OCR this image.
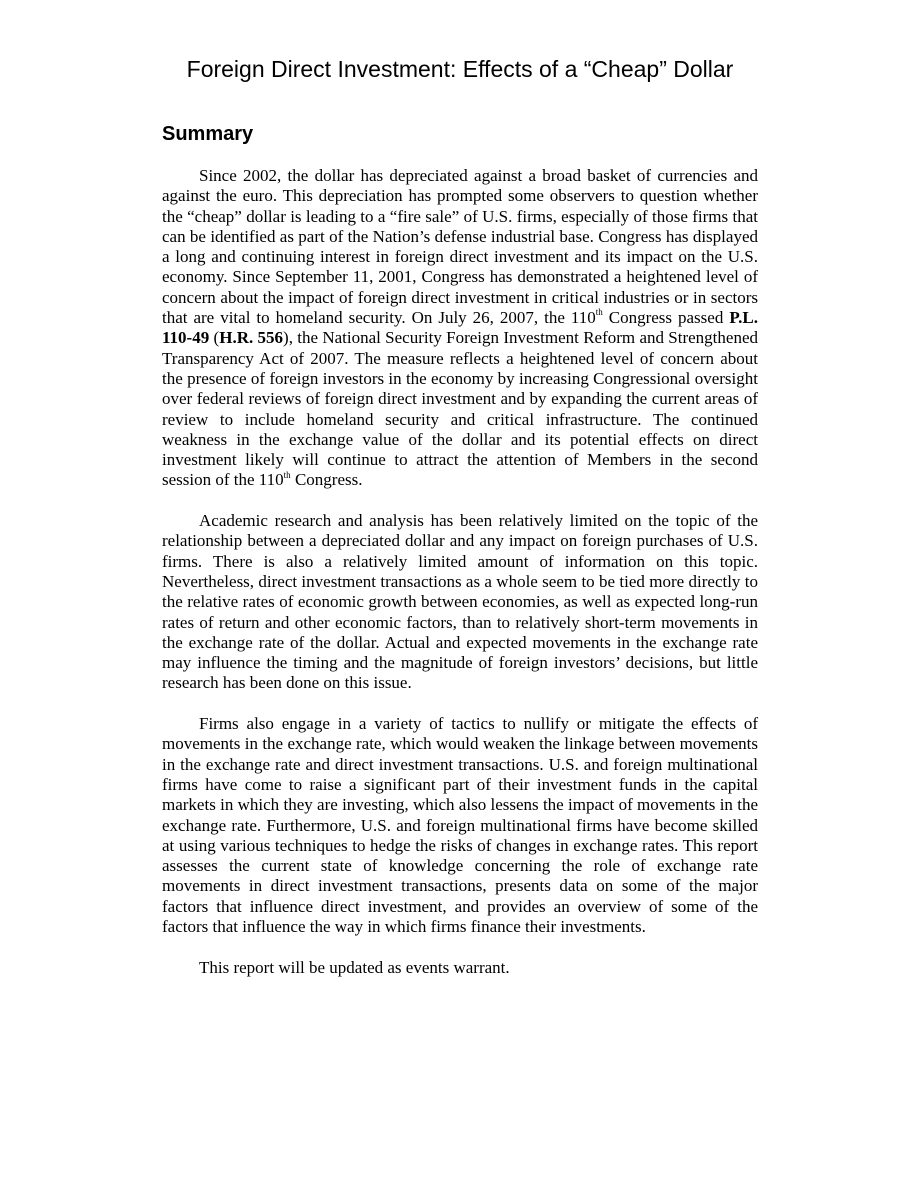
Foreign Direct Investment: Effects of a “Cheap” Dollar
Summary

Since 2002, the dollar has depreciated against a broad basket of currencies and against the euro. This depreciation has prompted some observers to question whether the “cheap” dollar is leading to a “fire sale” of U.S. firms, especially of those firms that can be identified as part of the Nation’s defense industrial base. Congress has displayed a long and continuing interest in foreign direct investment and its impact on the U.S. economy. Since September 11, 2001, Congress has demonstrated a heightened level of concern about the impact of foreign direct investment in critical industries or in sectors that are vital to homeland security. On July 26, 2007, the 110th Congress passed P.L. 110-49 (H.R. 556), the National Security Foreign Investment Reform and Strengthened Transparency Act of 2007. The measure reflects a heightened level of concern about the presence of foreign investors in the economy by increasing Congressional oversight over federal reviews of foreign direct investment and by expanding the current areas of review to include homeland security and critical infrastructure. The continued weakness in the exchange value of the dollar and its potential effects on direct investment likely will continue to attract the attention of Members in the second session of the 110th Congress.

Academic research and analysis has been relatively limited on the topic of the relationship between a depreciated dollar and any impact on foreign purchases of U.S. firms. There is also a relatively limited amount of information on this topic. Nevertheless, direct investment transactions as a whole seem to be tied more directly to the relative rates of economic growth between economies, as well as expected long-run rates of return and other economic factors, than to relatively short-term movements in the exchange rate of the dollar. Actual and expected movements in the exchange rate may influence the timing and the magnitude of foreign investors’ decisions, but little research has been done on this issue.

Firms also engage in a variety of tactics to nullify or mitigate the effects of movements in the exchange rate, which would weaken the linkage between movements in the exchange rate and direct investment transactions. U.S. and foreign multinational firms have come to raise a significant part of their investment funds in the capital markets in which they are investing, which also lessens the impact of movements in the exchange rate. Furthermore, U.S. and foreign multinational firms have become skilled at using various techniques to hedge the risks of changes in exchange rates. This report assesses the current state of knowledge concerning the role of exchange rate movements in direct investment transactions, presents data on some of the major factors that influence direct investment, and provides an overview of some of the factors that influence the way in which firms finance their investments.

This report will be updated as events warrant.
